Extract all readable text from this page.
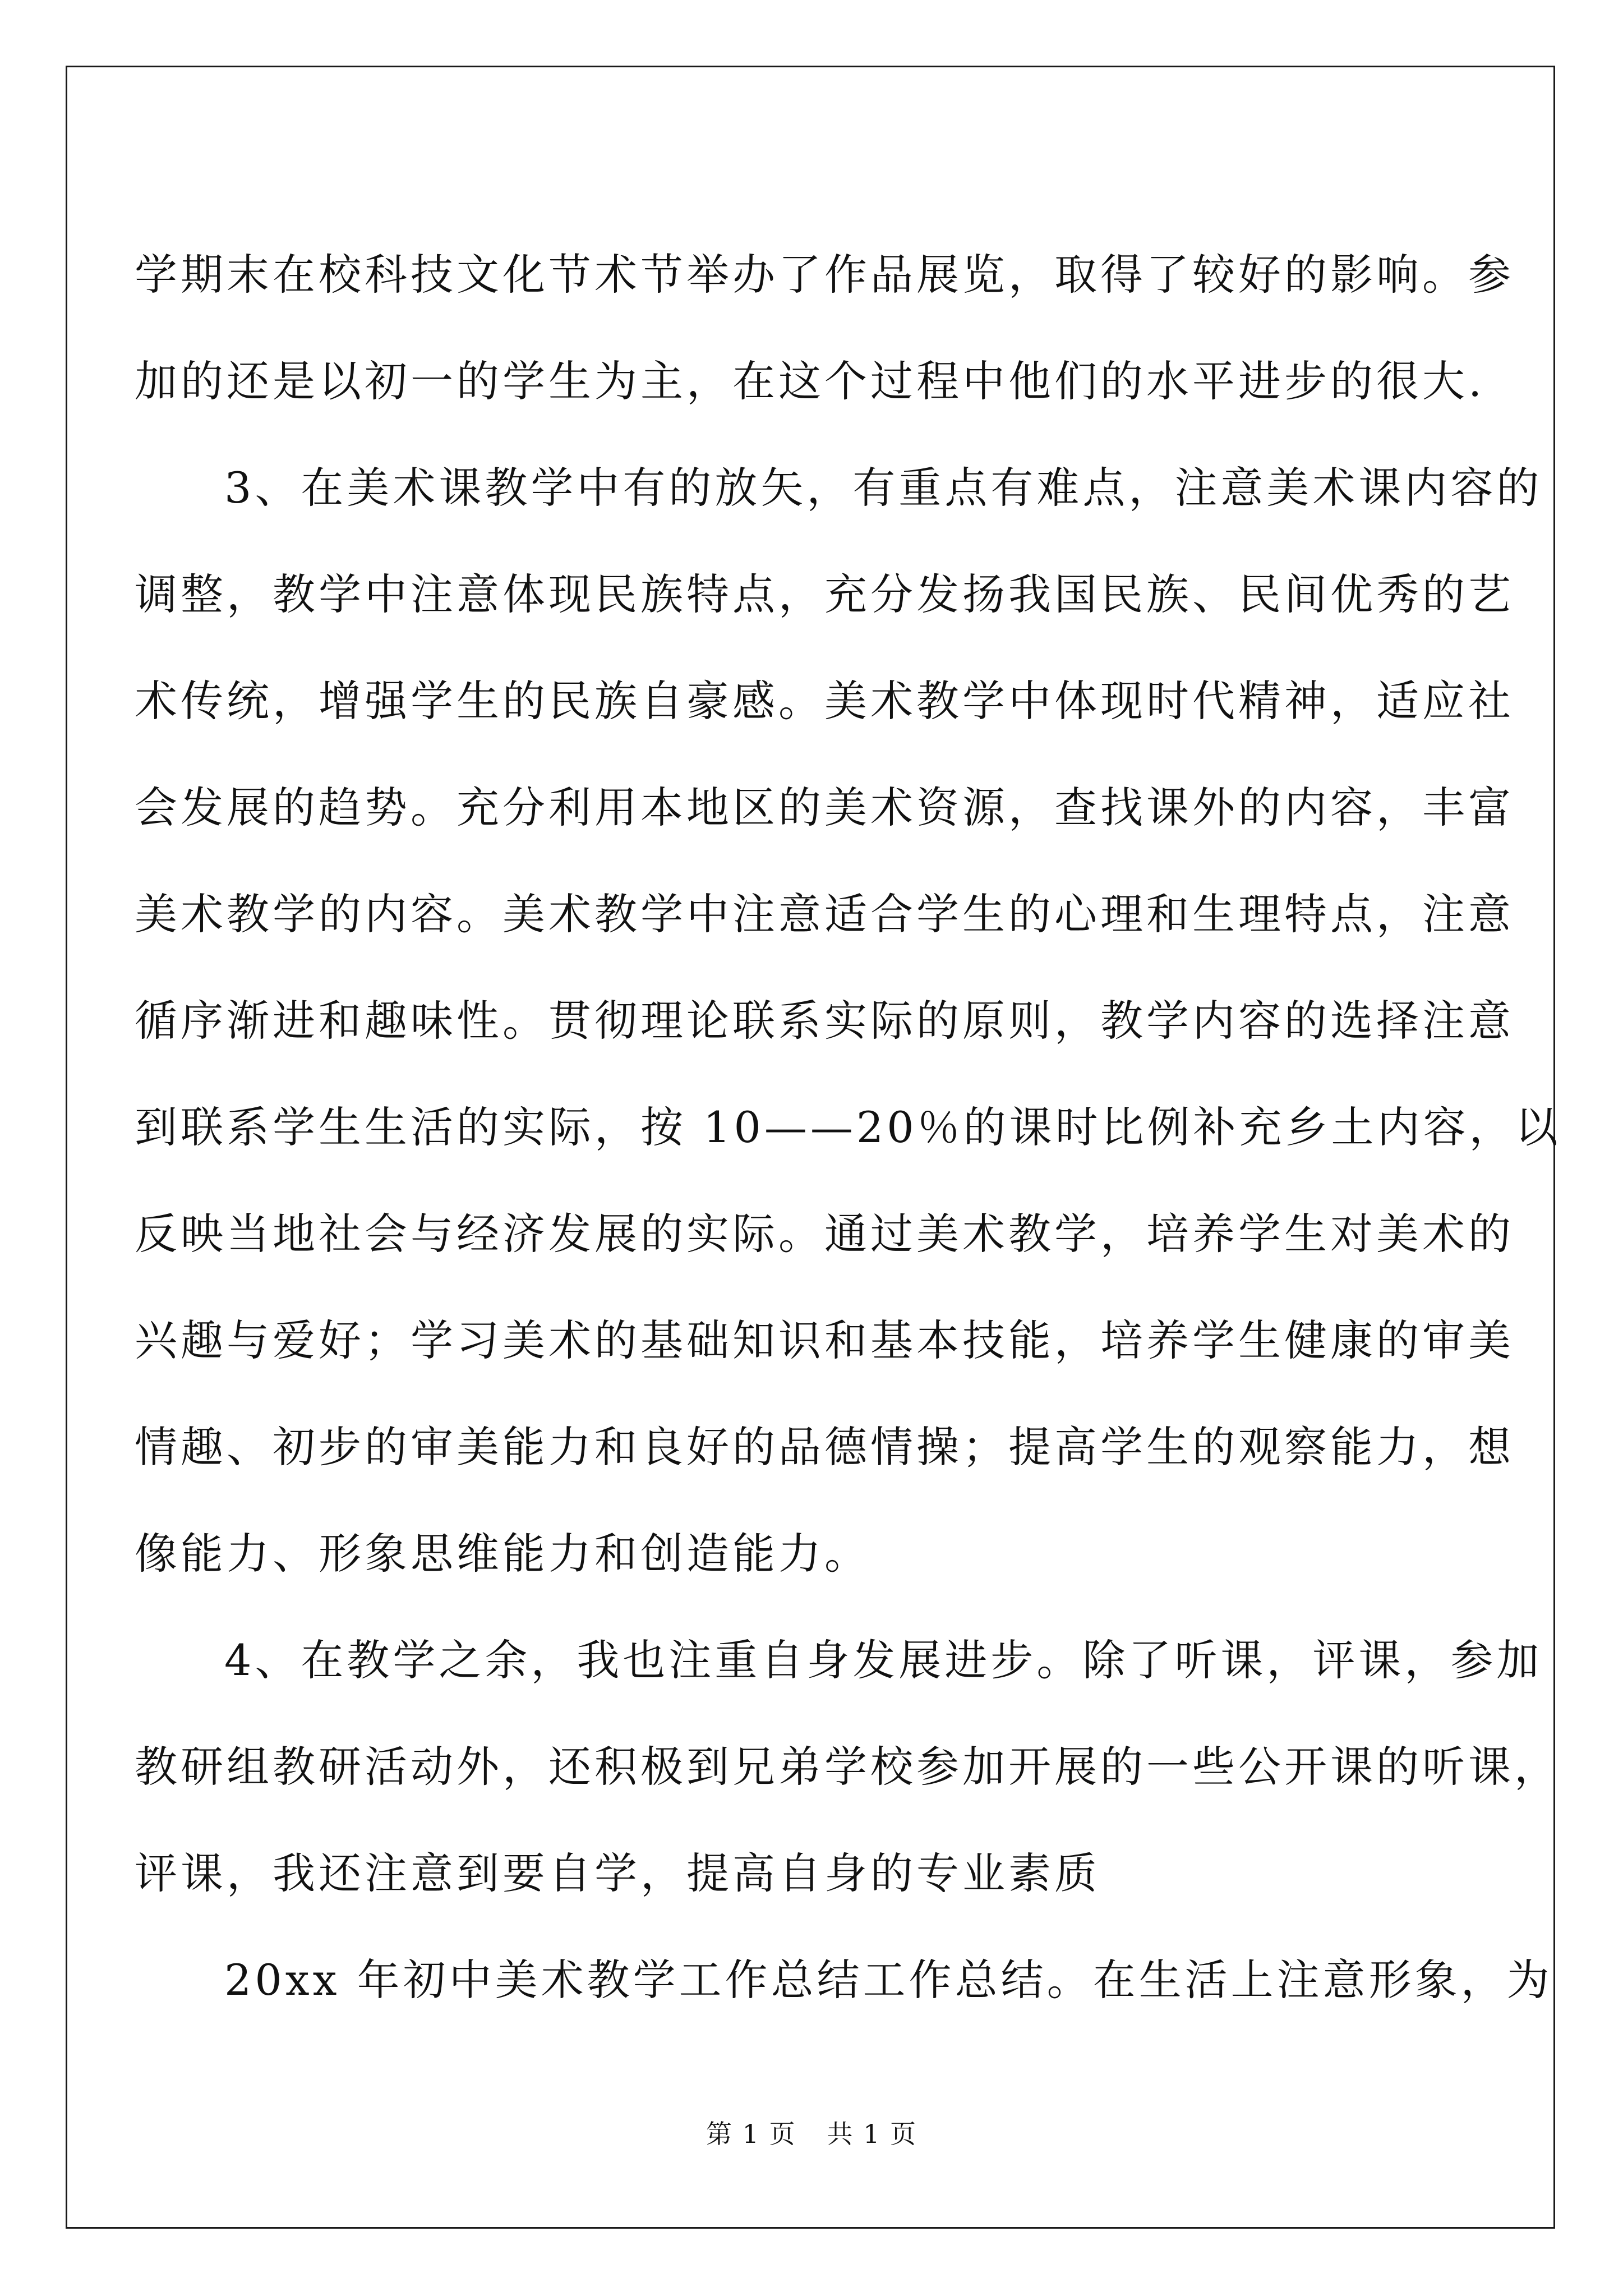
学期末在校科技文化节术节举办了作品展览，取得了较好的影响。参
加的还是以初一的学生为主，在这个过程中他们的水平进步的很大.
3、在美术课教学中有的放矢，有重点有难点，注意美术课内容的
调整，教学中注意体现民族特点，充分发扬我国民族、民间优秀的艺
术传统，增强学生的民族自豪感。美术教学中体现时代精神，适应社
会发展的趋势。充分利用本地区的美术资源，查找课外的内容，丰富
美术教学的内容。美术教学中注意适合学生的心理和生理特点，注意
循序渐进和趣味性。贯彻理论联系实际的原则，教学内容的选择注意
到联系学生生活的实际，按 10——20％的课时比例补充乡土内容，以
反映当地社会与经济发展的实际。通过美术教学，培养学生对美术的
兴趣与爱好；学习美术的基础知识和基本技能，培养学生健康的审美
情趣、初步的审美能力和良好的品德情操；提高学生的观察能力，想
像能力、形象思维能力和创造能力。
4、在教学之余，我也注重自身发展进步。除了听课，评课，参加
教研组教研活动外，还积极到兄弟学校参加开展的一些公开课的听课，
评课，我还注意到要自学，提高自身的专业素质
20xx 年初中美术教学工作总结工作总结。在生活上注意形象，为
第 1 页 共 1 页
